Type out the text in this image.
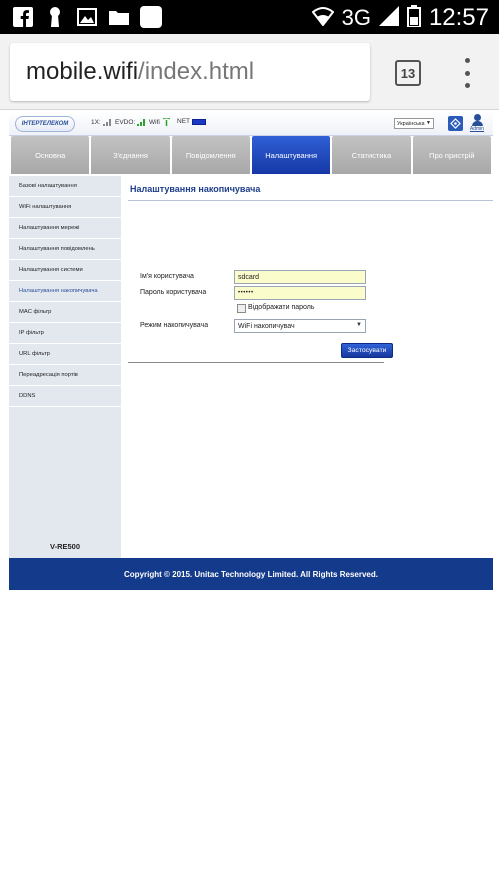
3G 12:57
mobile.wifi /index.html	13
ІНТЕРТЕЛЕКОМ	1X: EVDO: Wifi	NET	Українська ▼
Admin
Основна	З'єднання	Повідомлення	Налаштування	Статистика	Про пристрій
Базові налаштування
WiFi налаштування
Налаштування мережі
Налаштування повідомлень
Налаштування системи
Налаштування накопичувача
MAC фільтр
IP фільтр
URL фільтр
Переадресація портів
DDNS
V-RE500
Налаштування накопичувача
Ім'я користувача	sdcard
Пароль користувача	••••••
Відображати пароль
Режим накопичувача	WiFi накопичувач	▼
Застосувати
Copyright © 2015. Unitac Technology Limited. All Rights Reserved.
